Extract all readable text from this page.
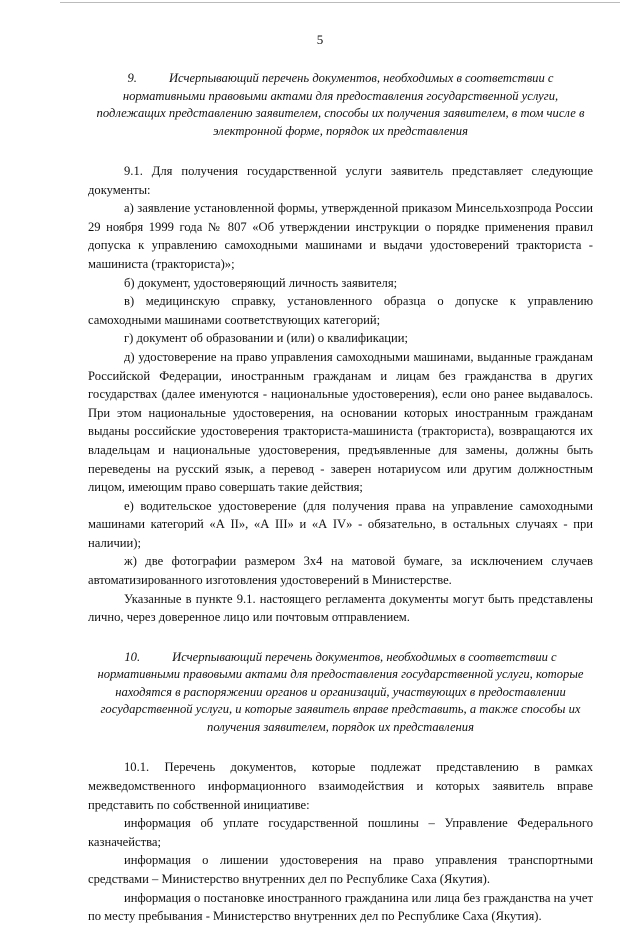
5

9.	Исчерпывающий перечень документов, необходимых в соответствии с нормативными правовыми актами для предоставления государственной услуги, подлежащих представлению заявителем, способы их получения заявителем, в том числе в электронной форме, порядок их представления

9.1. Для получения государственной услуги заявитель представляет следующие документы:

а) заявление установленной формы, утвержденной приказом Минсельхозпрода России 29 ноября 1999 года № 807 «Об утверждении инструкции о порядке применения правил допуска к управлению самоходными машинами и выдачи удостоверений тракториста - машиниста (тракториста)»;

б) документ, удостоверяющий личность заявителя;

в) медицинскую справку, установленного образца о допуске к управлению самоходными машинами соответствующих категорий;

г) документ об образовании и (или) о квалификации;

д) удостоверение на право управления самоходными машинами, выданные гражданам Российской Федерации, иностранным гражданам и лицам без гражданства в других государствах (далее именуются - национальные удостоверения), если оно ранее выдавалось. При этом национальные удостоверения, на основании которых иностранным гражданам выданы российские удостоверения тракториста-машиниста (тракториста), возвращаются их владельцам и национальные удостоверения, предъявленные для замены, должны быть переведены на русский язык, а перевод - заверен нотариусом или другим должностным лицом, имеющим право совершать такие действия;

е) водительское удостоверение (для получения права на управление самоходными машинами категорий «А II», «А III» и «А IV» - обязательно, в остальных случаях - при наличии);

ж) две фотографии размером 3х4 на матовой бумаге, за исключением случаев автоматизированного изготовления удостоверений в Министерстве.

Указанные в пункте 9.1. настоящего регламента документы могут быть представлены лично, через доверенное лицо или почтовым отправлением.

10.	Исчерпывающий перечень документов, необходимых в соответствии с нормативными правовыми актами для предоставления государственной услуги, которые находятся в распоряжении органов и организаций, участвующих в предоставлении государственной услуги, и которые заявитель вправе представить, а также способы их получения заявителем, порядок их представления

10.1. Перечень документов, которые подлежат представлению в рамках межведомственного информационного взаимодействия и которых заявитель вправе представить по собственной инициативе:

информация об уплате государственной пошлины – Управление Федерального казначейства;

информация о лишении удостоверения на право управления транспортными средствами – Министерство внутренних дел по Республике Саха (Якутия).

информация о постановке иностранного гражданина или лица без гражданства на учет по месту пребывания - Министерство внутренних дел по Республике Саха (Якутия).
